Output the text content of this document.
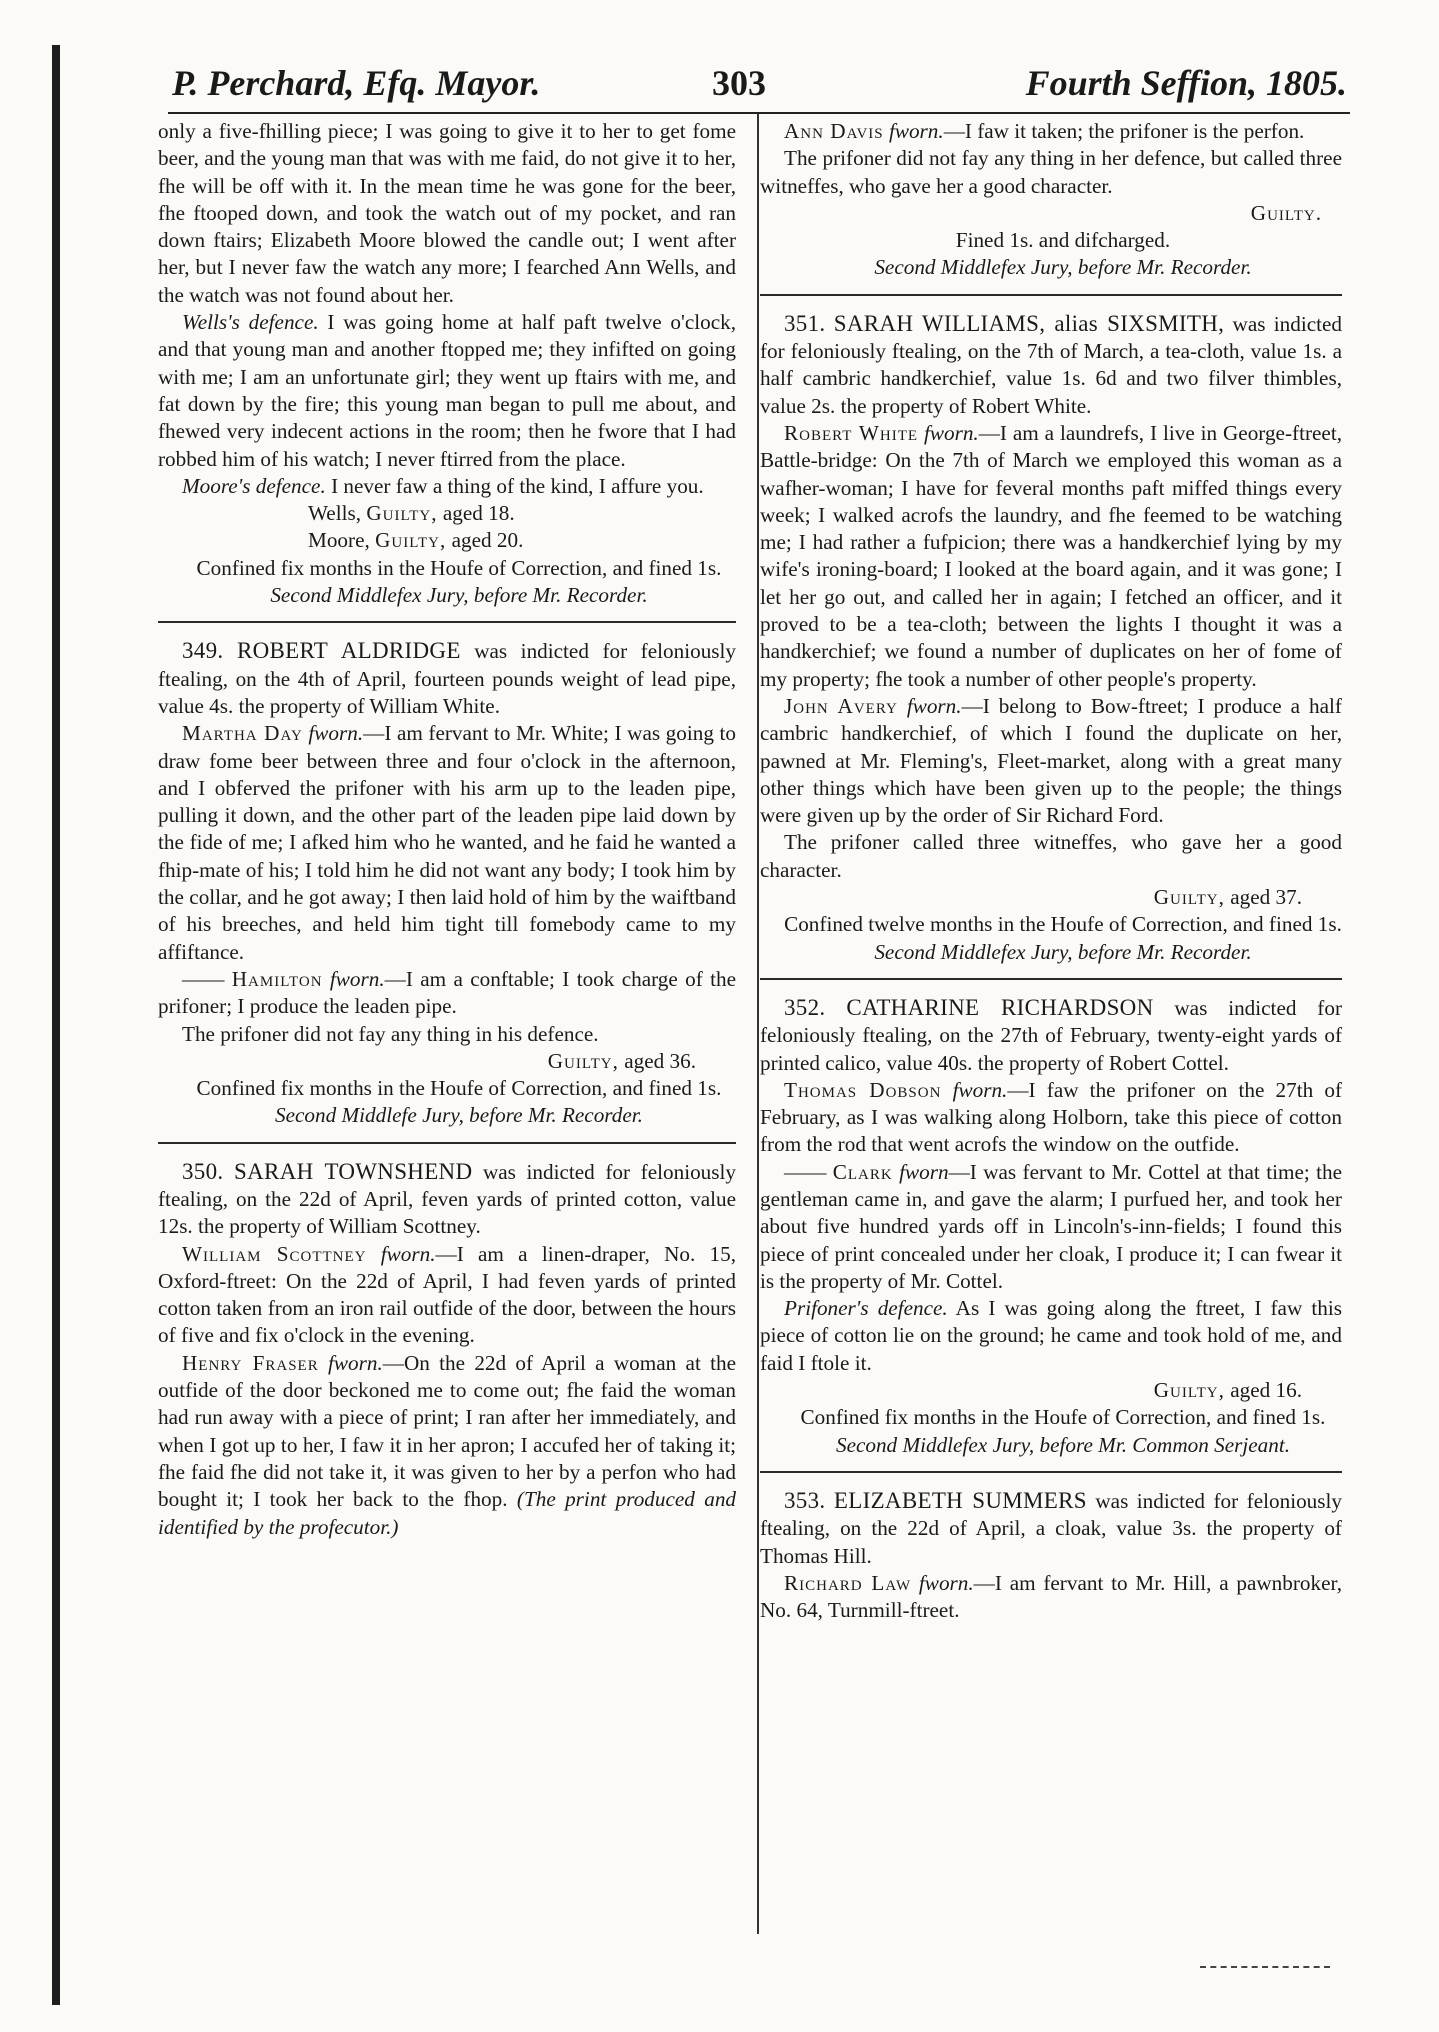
P. Perchard, Efq. Mayor.	303	Fourth Seffion, 1805.

only a five-fhilling piece; I was going to give it to her to get fome beer, and the young man that was with me faid, do not give it to her, fhe will be off with it. In the mean time he was gone for the beer, fhe ftooped down, and took the watch out of my pocket, and ran down ftairs; Elizabeth Moore blowed the candle out; I went after her, but I never faw the watch any more; I fearched Ann Wells, and the watch was not found about her.

Wells's defence. I was going home at half paft twelve o'clock, and that young man and another ftopped me; they infifted on going with me; I am an unfortunate girl; they went up ftairs with me, and fat down by the fire; this young man began to pull me about, and fhewed very indecent actions in the room; then he fwore that I had robbed him of his watch; I never ftirred from the place.

Moore's defence. I never faw a thing of the kind, I affure you.

Wells, Guilty, aged 18.
Moore, Guilty, aged 20.

Confined fix months in the Houfe of Correction, and fined 1s.

Second Middlefex Jury, before Mr. Recorder.

349. ROBERT ALDRIDGE was indicted for feloniously ftealing, on the 4th of April, fourteen pounds weight of lead pipe, value 4s. the property of William White.

Martha Day fworn.—I am fervant to Mr. White; I was going to draw fome beer between three and four o'clock in the afternoon, and I obferved the prifoner with his arm up to the leaden pipe, pulling it down, and the other part of the leaden pipe laid down by the fide of me; I afked him who he wanted, and he faid he wanted a fhip-mate of his; I told him he did not want any body; I took him by the collar, and he got away; I then laid hold of him by the waiftband of his breeches, and held him tight till fomebody came to my affiftance.

—— Hamilton fworn.—I am a conftable; I took charge of the prifoner; I produce the leaden pipe.

The prifoner did not fay any thing in his defence.

Guilty, aged 36.

Confined fix months in the Houfe of Correction, and fined 1s.

Second Middlefe Jury, before Mr. Recorder.

350. SARAH TOWNSHEND was indicted for feloniously ftealing, on the 22d of April, feven yards of printed cotton, value 12s. the property of William Scottney.

William Scottney fworn.—I am a linen-draper, No. 15, Oxford-ftreet: On the 22d of April, I had feven yards of printed cotton taken from an iron rail outfide of the door, between the hours of five and fix o'clock in the evening.

Henry Fraser fworn.—On the 22d of April a woman at the outfide of the door beckoned me to come out; fhe faid the woman had run away with a piece of print; I ran after her immediately, and when I got up to her, I faw it in her apron; I accufed her of taking it; fhe faid fhe did not take it, it was given to her by a perfon who had bought it; I took her back to the fhop. (The print produced and identified by the profecutor.)

Ann Davis fworn.—I faw it taken; the prifoner is the perfon.

The prifoner did not fay any thing in her defence, but called three witneffes, who gave her a good character.

Guilty.

Fined 1s. and difcharged.

Second Middlefex Jury, before Mr. Recorder.

351. SARAH WILLIAMS, alias SIXSMITH, was indicted for feloniously ftealing, on the 7th of March, a tea-cloth, value 1s. a half cambric handkerchief, value 1s. 6d and two filver thimbles, value 2s. the property of Robert White.

Robert White fworn.—I am a laundrefs, I live in George-ftreet, Battle-bridge: On the 7th of March we employed this woman as a wafher-woman; I have for feveral months paft miffed things every week; I walked acrofs the laundry, and fhe feemed to be watching me; I had rather a fufpicion; there was a handkerchief lying by my wife's ironing-board; I looked at the board again, and it was gone; I let her go out, and called her in again; I fetched an officer, and it proved to be a tea-cloth; between the lights I thought it was a handkerchief; we found a number of duplicates on her of fome of my property; fhe took a number of other people's property.

John Avery fworn.—I belong to Bow-ftreet; I produce a half cambric handkerchief, of which I found the duplicate on her, pawned at Mr. Fleming's, Fleet-market, along with a great many other things which have been given up to the people; the things were given up by the order of Sir Richard Ford.

The prifoner called three witneffes, who gave her a good character.

Guilty, aged 37.

Confined twelve months in the Houfe of Correction, and fined 1s.

Second Middlefex Jury, before Mr. Recorder.

352. CATHARINE RICHARDSON was indicted for feloniously ftealing, on the 27th of February, twenty-eight yards of printed calico, value 40s. the property of Robert Cottel.

Thomas Dobson fworn.—I faw the prifoner on the 27th of February, as I was walking along Holborn, take this piece of cotton from the rod that went acrofs the window on the outfide.

—— Clark fworn—I was fervant to Mr. Cottel at that time; the gentleman came in, and gave the alarm; I purfued her, and took her about five hundred yards off in Lincoln's-inn-fields; I found this piece of print concealed under her cloak, I produce it; I can fwear it is the property of Mr. Cottel.

Prifoner's defence. As I was going along the ftreet, I faw this piece of cotton lie on the ground; he came and took hold of me, and faid I ftole it.

Guilty, aged 16.

Confined fix months in the Houfe of Correction, and fined 1s.

Second Middlefex Jury, before Mr. Common Serjeant.

353. ELIZABETH SUMMERS was indicted for feloniously ftealing, on the 22d of April, a cloak, value 3s. the property of Thomas Hill.

Richard Law fworn.—I am fervant to Mr. Hill, a pawnbroker, No. 64, Turnmill-ftreet.
